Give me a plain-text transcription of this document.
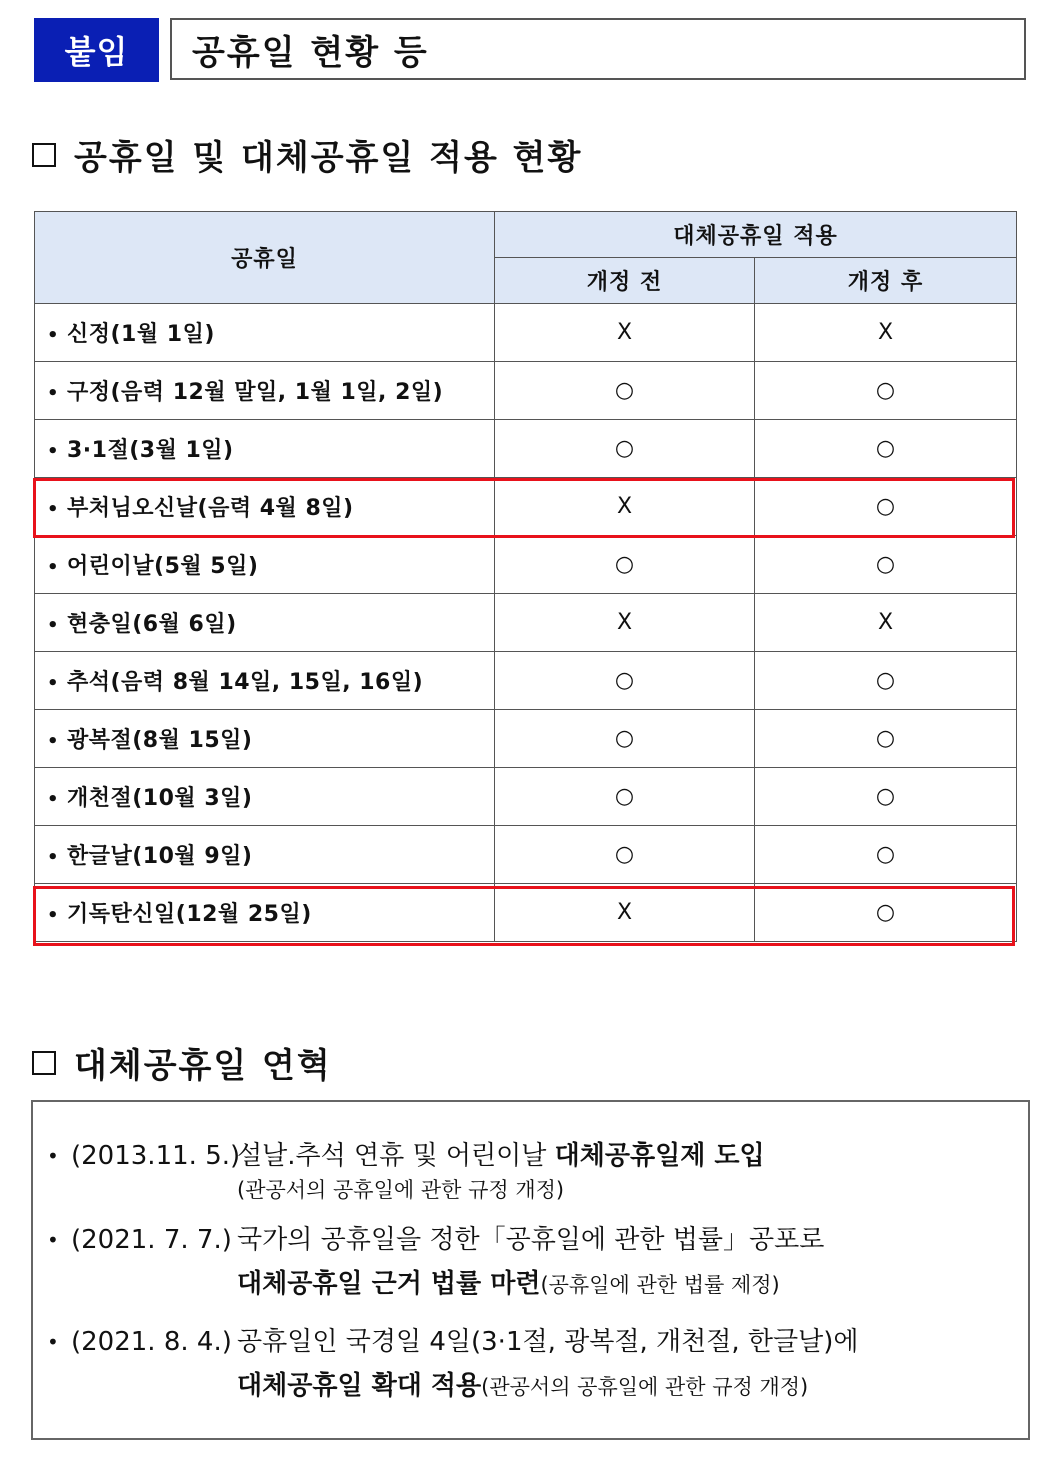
붙임	공휴일 현황 등
공휴일 및 대체공휴일 적용 현황
공휴일	대체공휴일 적용	
	개정 전	개정 후
• 신정(1월 1일)	X	X
• 구정(음력 12월 말일, 1월 1일, 2일)	○	○
• 3·1절(3월 1일)	○	○
• 부처님오신날(음력 4월 8일)	X	○
• 어린이날(5월 5일)	○	○
• 현충일(6월 6일)	X	X
• 추석(음력 8월 14일, 15일, 16일)	○	○
• 광복절(8월 15일)	○	○
• 개천절(10월 3일)	○	○
• 한글날(10월 9일)	○	○
• 기독탄신일(12월 25일)	X	○
대체공휴일 연혁
• (2013.11. 5.)
설날.추석 연휴 및 어린이날 대체공휴일제 도입
(관공서의 공휴일에 관한 규정 개정)
• (2021. 7. 7.) 국가의 공휴일을 정한「공휴일에 관한 법률」공포로
대체공휴일 근거 법률 마련(공휴일에 관한 법률 제정)
• (2021. 8. 4.) 공휴일인 국경일 4일(3·1절, 광복절, 개천절, 한글날)에
대체공휴일 확대 적용(관공서의 공휴일에 관한 규정 개정)
